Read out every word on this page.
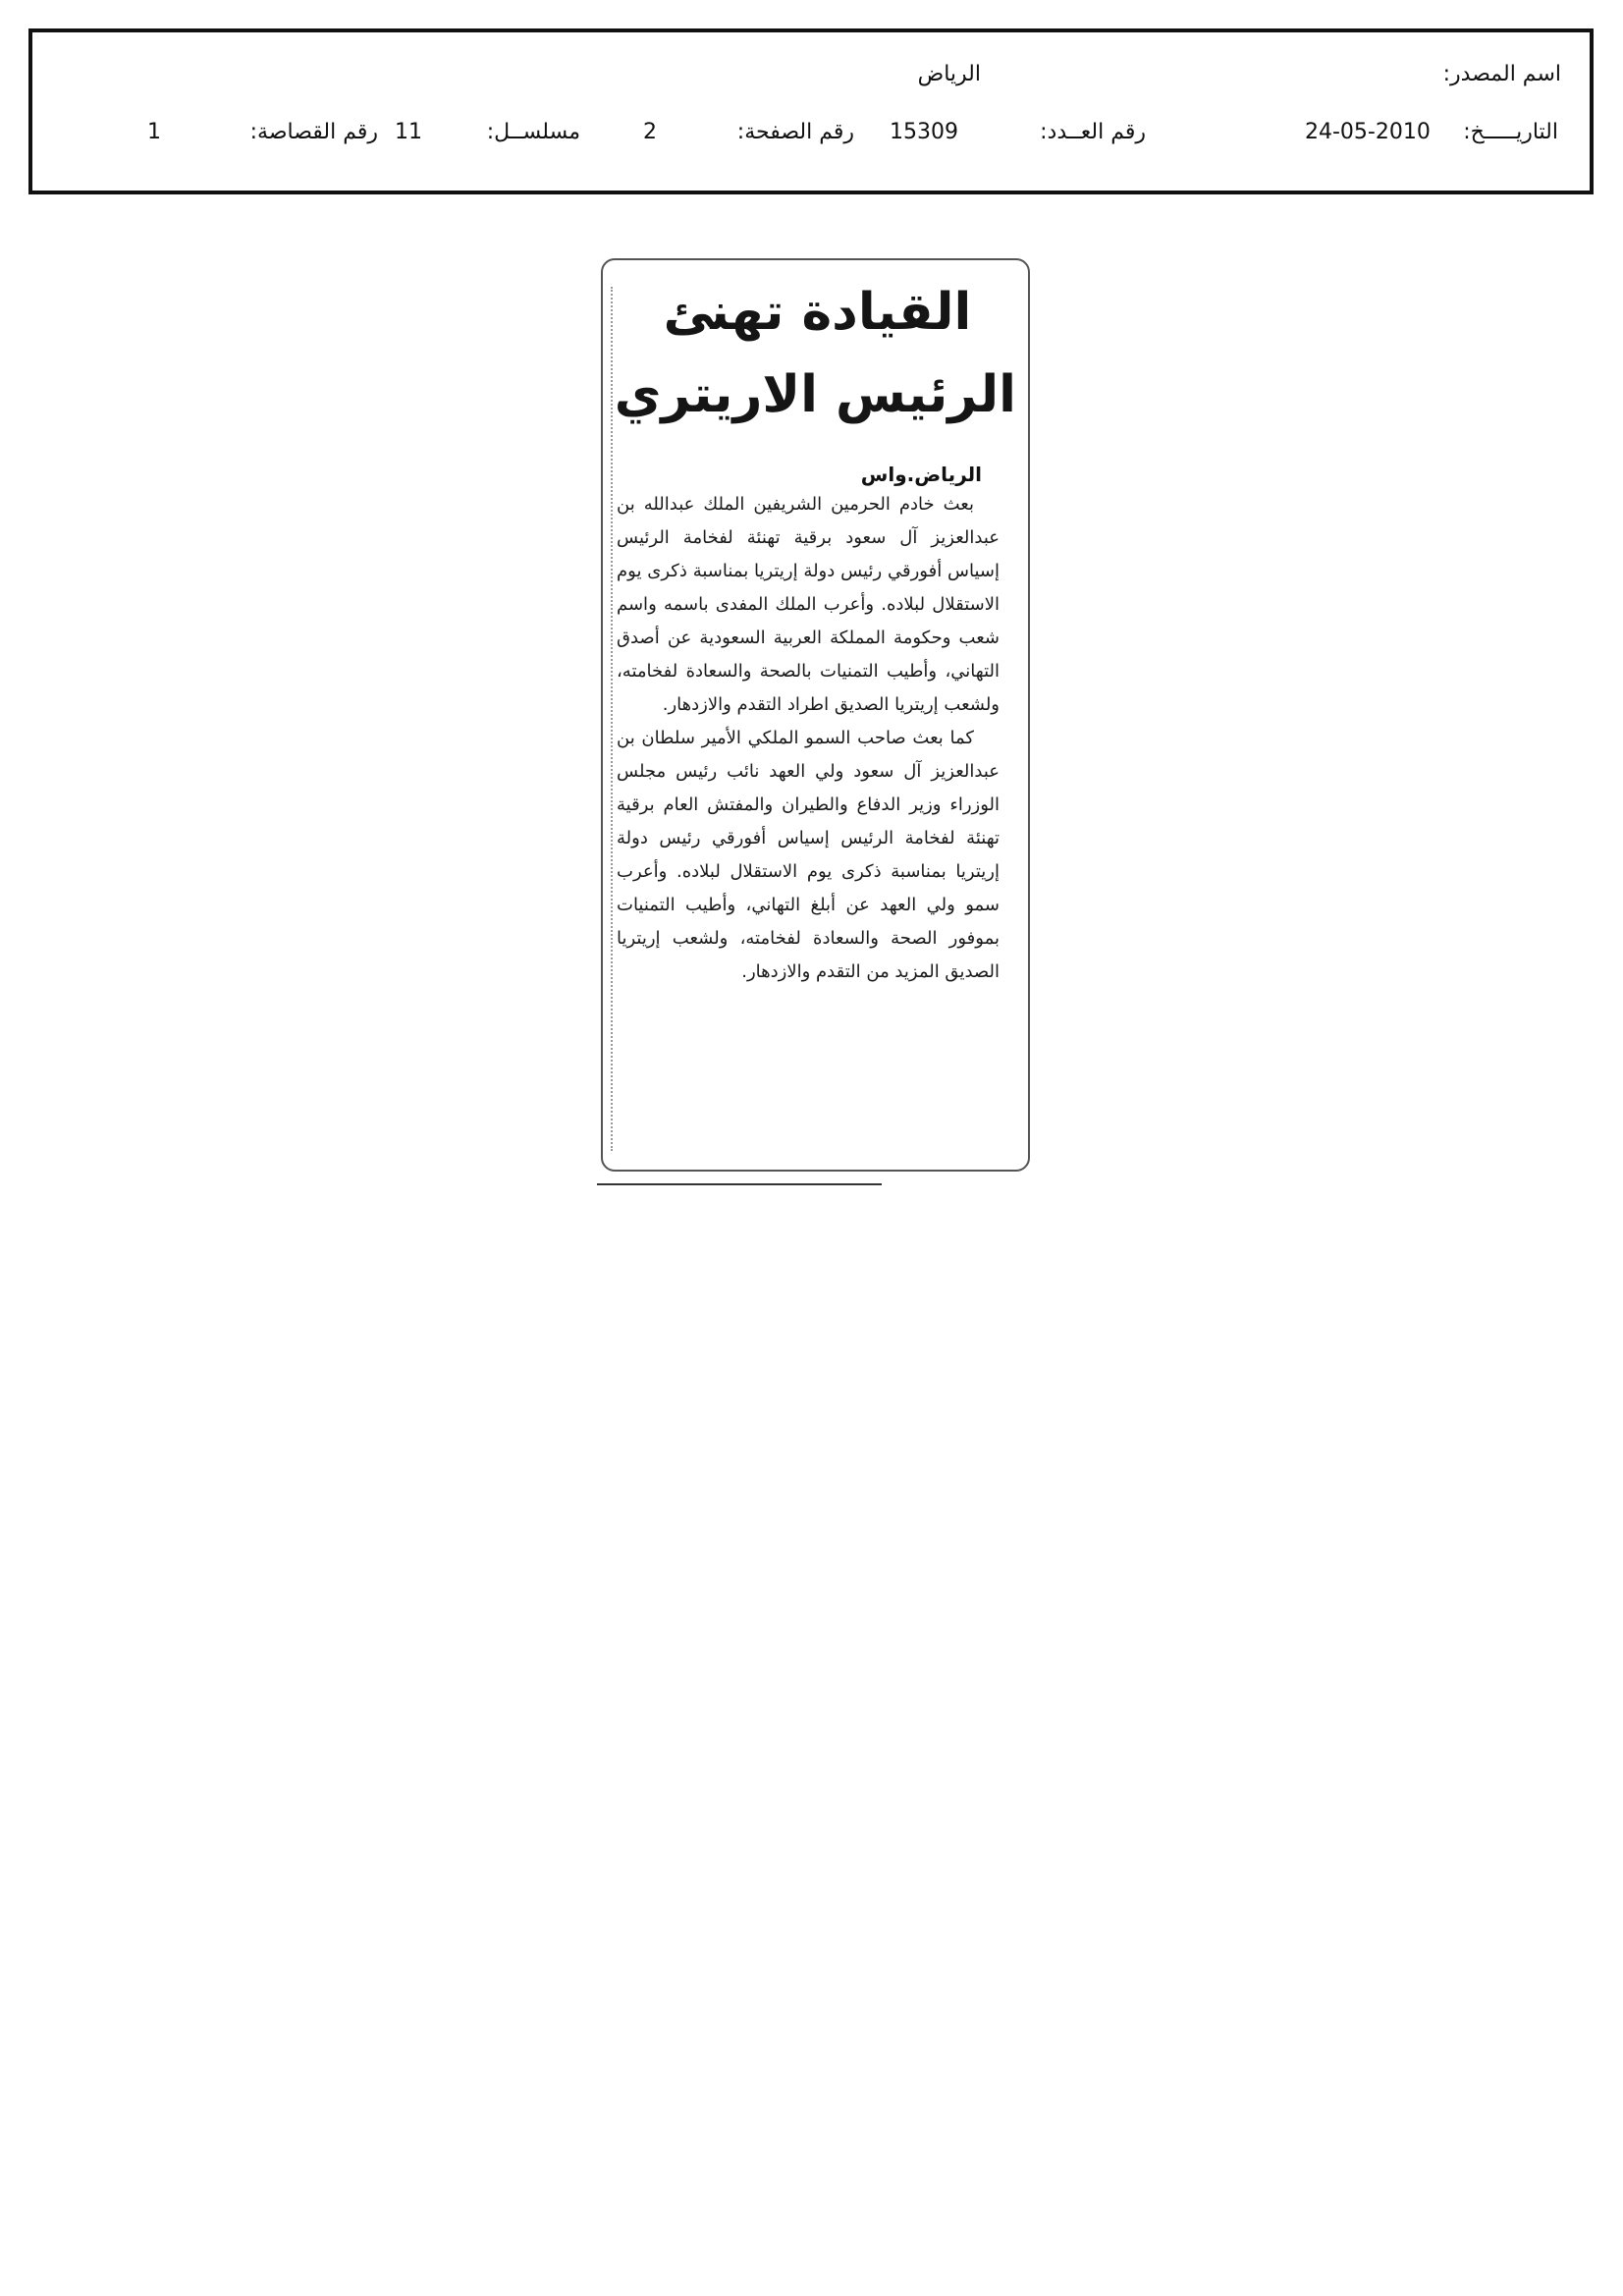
اسم المصدر:
الرياض
التاريـــــخ:
24-05-2010
رقم العــدد:
15309
رقم الصفحة:
2
مسلســل:
11
رقم القصاصة:
1
القيادة تهنئ
الرئيس الاريتري
الرياض.واس

بعث خادم الحرمين الشريفين الملك عبدالله بن عبدالعزيز آل سعود برقية تهنئة لفخامة الرئيس إسياس أفورقي رئيس دولة إريتريا بمناسبة ذكرى يوم الاستقلال لبلاده. وأعرب الملك المفدى باسمه واسم شعب وحكومة المملكة العربية السعودية عن أصدق التهاني، وأطيب التمنيات بالصحة والسعادة لفخامته، ولشعب إريتريا الصديق اطراد التقدم والازدهار.

كما بعث صاحب السمو الملكي الأمير سلطان بن عبدالعزيز آل سعود ولي العهد نائب رئيس مجلس الوزراء وزير الدفاع والطيران والمفتش العام برقية تهنئة لفخامة الرئيس إسياس أفورقي رئيس دولة إريتريا بمناسبة ذكرى يوم الاستقلال لبلاده. وأعرب سمو ولي العهد عن أبلغ التهاني، وأطيب التمنيات بموفور الصحة والسعادة لفخامته، ولشعب إريتريا الصديق المزيد من التقدم والازدهار.
